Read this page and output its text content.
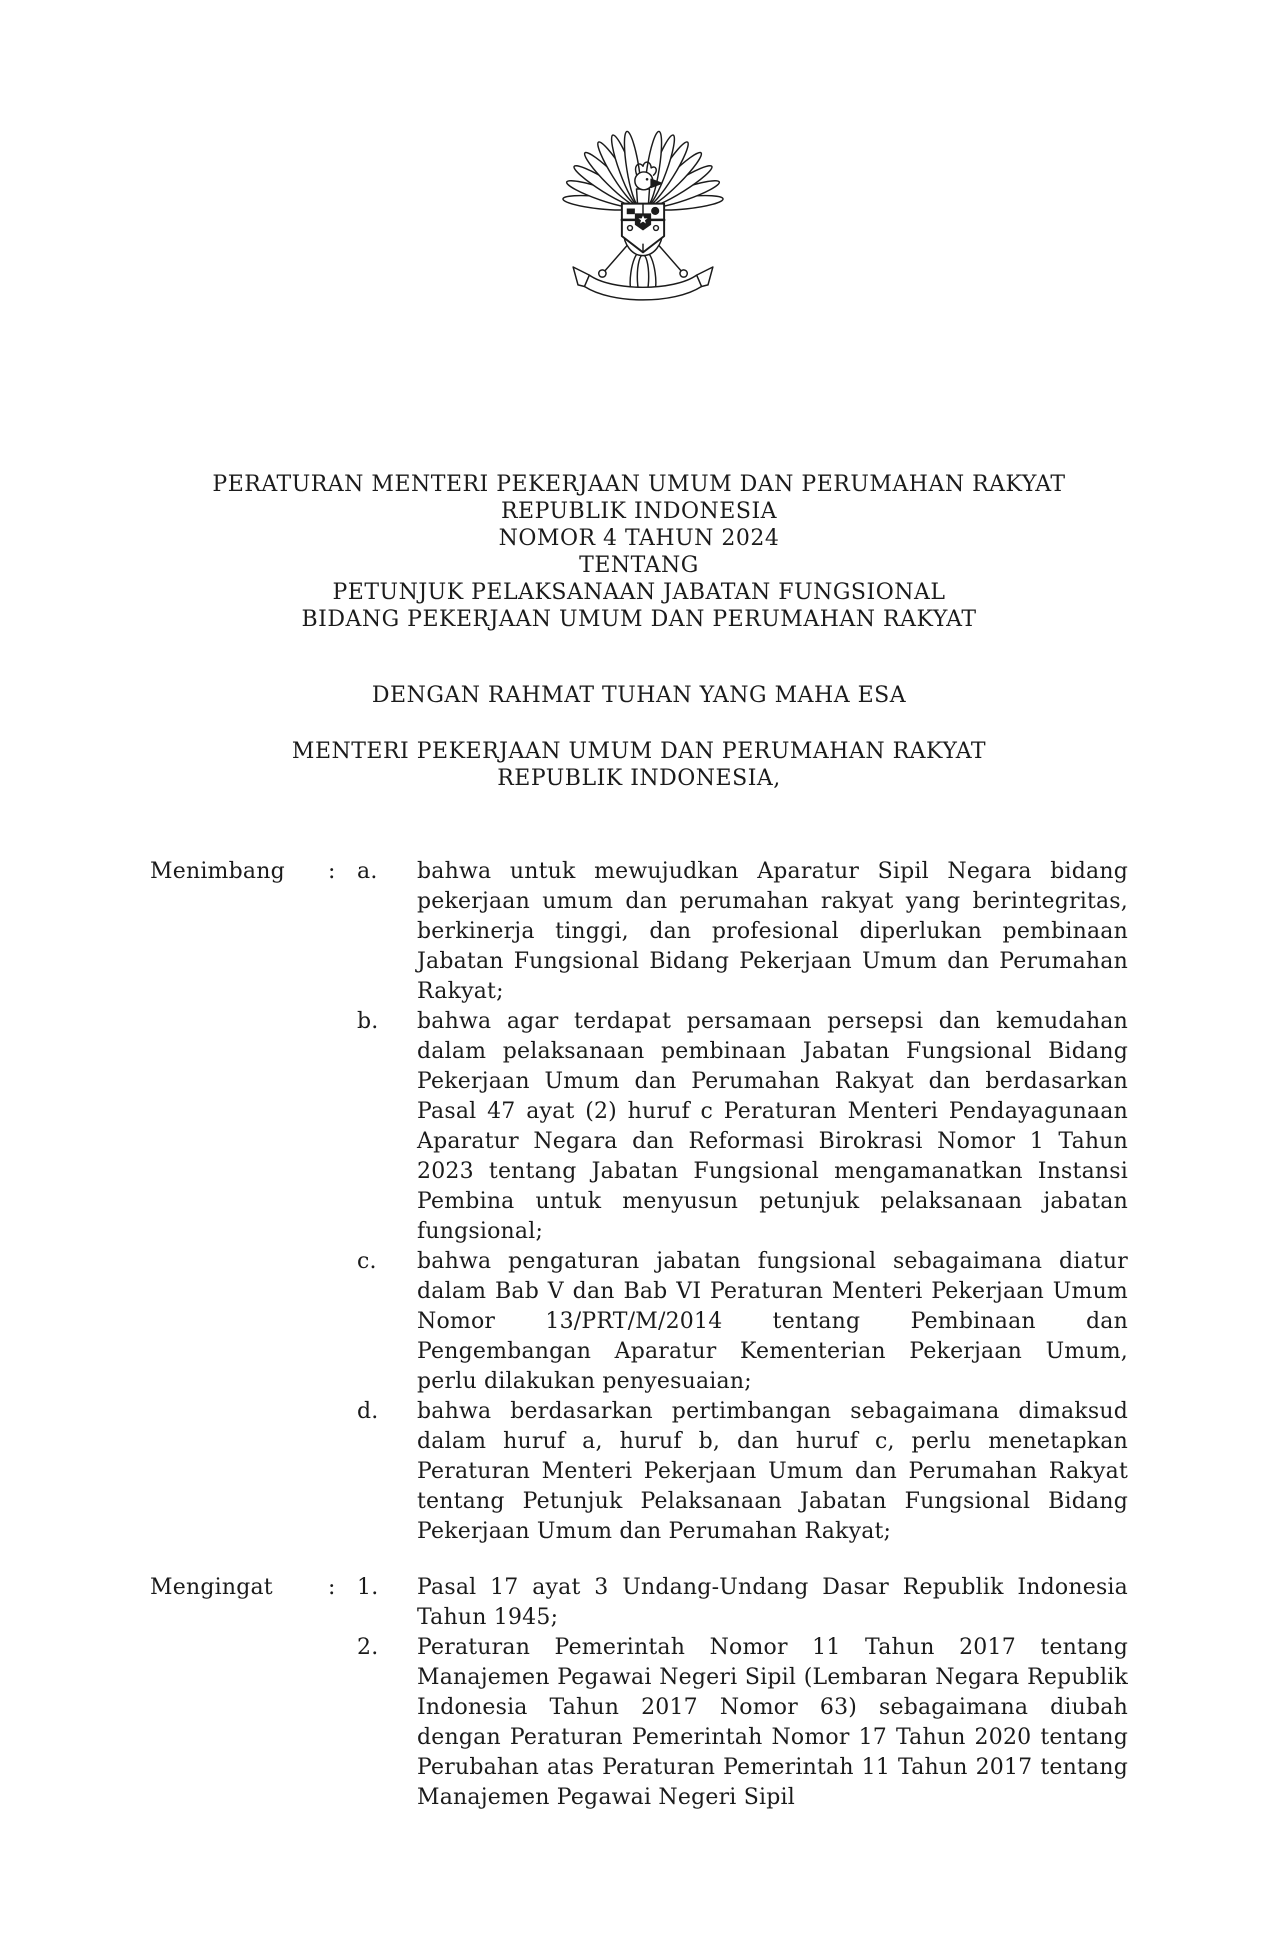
PERATURAN MENTERI PEKERJAAN UMUM DAN PERUMAHAN RAKYAT
REPUBLIK INDONESIA
NOMOR 4 TAHUN 2024
TENTANG
PETUNJUK PELAKSANAAN JABATAN FUNGSIONAL
BIDANG PEKERJAAN UMUM DAN PERUMAHAN RAKYAT
DENGAN RAHMAT TUHAN YANG MAHA ESA
MENTERI PEKERJAAN UMUM DAN PERUMAHAN RAKYAT
REPUBLIK INDONESIA,
Menimbang	: a.	bahwa untuk mewujudkan Aparatur Sipil Negara bidang pekerjaan umum dan perumahan rakyat yang berintegritas, berkinerja tinggi, dan profesional diperlukan pembinaan Jabatan Fungsional Bidang Pekerjaan Umum dan Perumahan Rakyat;
b.	bahwa agar terdapat persamaan persepsi dan kemudahan dalam pelaksanaan pembinaan Jabatan Fungsional Bidang Pekerjaan Umum dan Perumahan Rakyat dan berdasarkan Pasal 47 ayat (2) huruf c Peraturan Menteri Pendayagunaan Aparatur Negara dan Reformasi Birokrasi Nomor 1 Tahun 2023 tentang Jabatan Fungsional mengamanatkan Instansi Pembina untuk menyusun petunjuk pelaksanaan jabatan fungsional;
c.	bahwa pengaturan jabatan fungsional sebagaimana diatur dalam Bab V dan Bab VI Peraturan Menteri Pekerjaan Umum Nomor 13/PRT/M/2014 tentang Pembinaan dan Pengembangan Aparatur Kementerian Pekerjaan Umum, perlu dilakukan penyesuaian;
d.	bahwa berdasarkan pertimbangan sebagaimana dimaksud dalam huruf a, huruf b, dan huruf c, perlu menetapkan Peraturan Menteri Pekerjaan Umum dan Perumahan Rakyat tentang Petunjuk Pelaksanaan Jabatan Fungsional Bidang Pekerjaan Umum dan Perumahan Rakyat;
Mengingat	: 1.	Pasal 17 ayat 3 Undang-Undang Dasar Republik Indonesia Tahun 1945;
2.	Peraturan Pemerintah Nomor 11 Tahun 2017 tentang Manajemen Pegawai Negeri Sipil (Lembaran Negara Republik Indonesia Tahun 2017 Nomor 63) sebagaimana diubah dengan Peraturan Pemerintah Nomor 17 Tahun 2020 tentang Perubahan atas Peraturan Pemerintah 11 Tahun 2017 tentang Manajemen Pegawai Negeri Sipil
